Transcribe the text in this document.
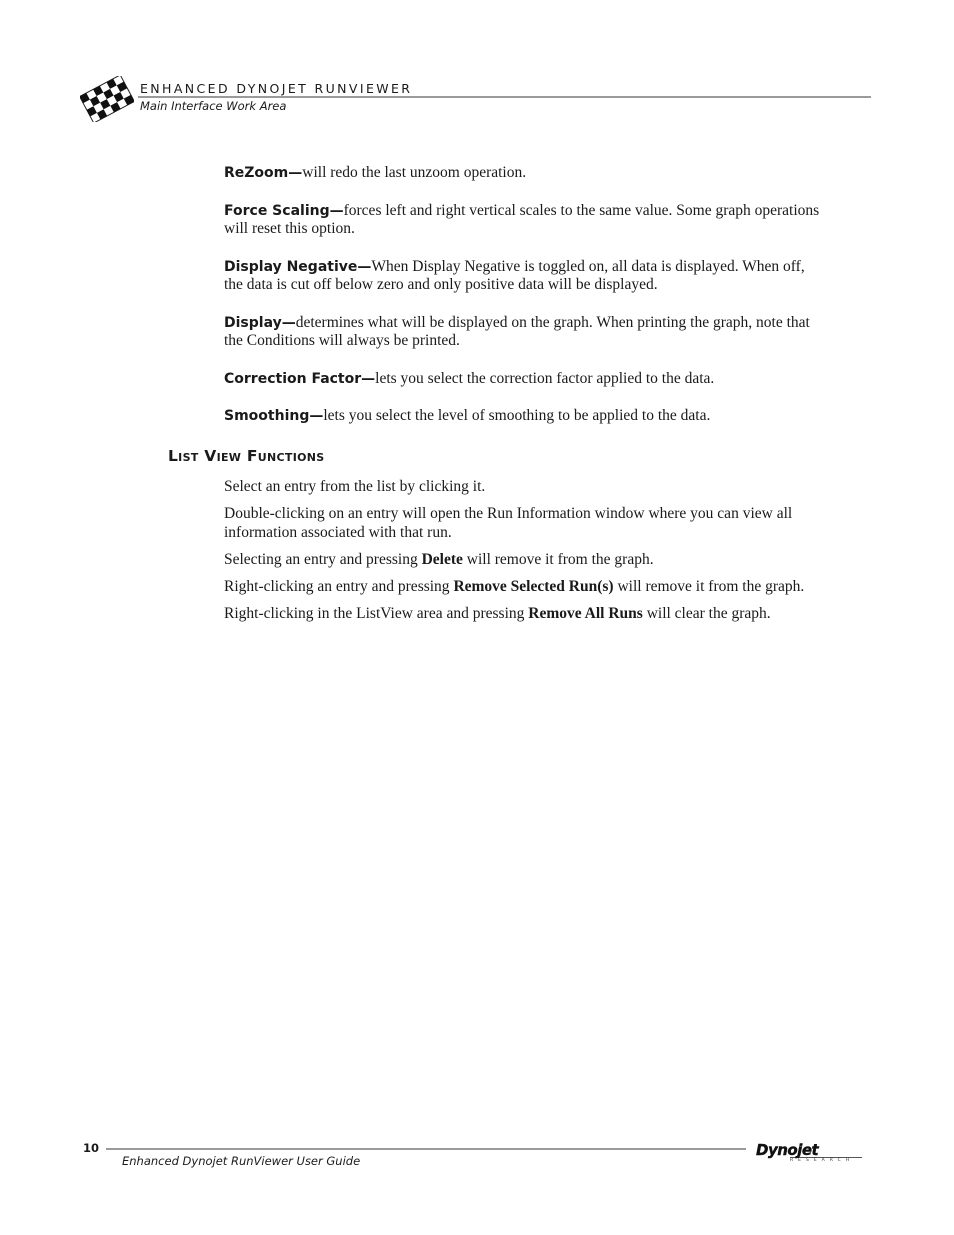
ENHANCED DYNOJET RUNVIEWER
Main Interface Work Area

ReZoom—will redo the last unzoom operation.

Force Scaling—forces left and right vertical scales to the same value. Some graph operations will reset this option.

Display Negative—When Display Negative is toggled on, all data is displayed. When off, the data is cut off below zero and only positive data will be displayed.

Display—determines what will be displayed on the graph. When printing the graph, note that the Conditions will always be printed.

Correction Factor—lets you select the correction factor applied to the data.

Smoothing—lets you select the level of smoothing to be applied to the data.

List View Functions

Select an entry from the list by clicking it.

Double-clicking on an entry will open the Run Information window where you can view all information associated with that run.

Selecting an entry and pressing Delete will remove it from the graph.

Right-clicking an entry and pressing Remove Selected Run(s) will remove it from the graph.

Right-clicking in the ListView area and pressing Remove All Runs will clear the graph.

10
Enhanced Dynojet RunViewer User Guide
Dynojet
RESEARCH
